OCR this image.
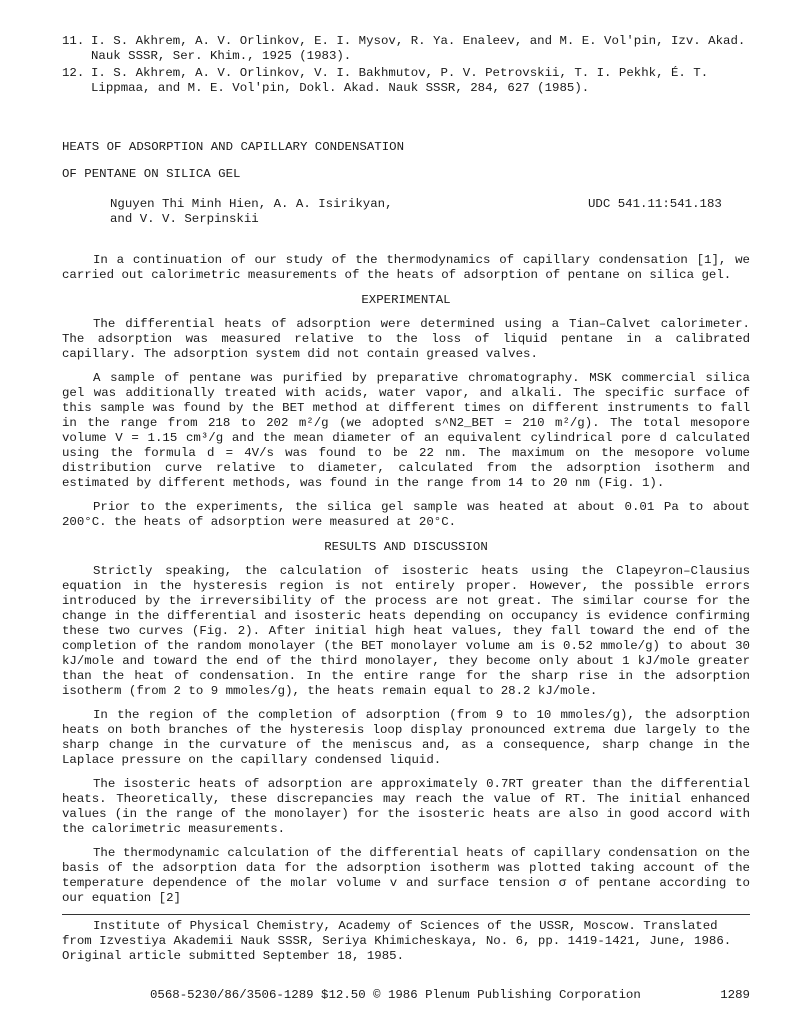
11. I. S. Akhrem, A. V. Orlinkov, E. I. Mysov, R. Ya. Enaleev, and M. E. Vol'pin, Izv. Akad. Nauk SSSR, Ser. Khim., 1925 (1983).
12. I. S. Akhrem, A. V. Orlinkov, V. I. Bakhmutov, P. V. Petrovskii, T. I. Pekhk, É. T. Lippmaa, and M. E. Vol'pin, Dokl. Akad. Nauk SSSR, 284, 627 (1985).
HEATS OF ADSORPTION AND CAPILLARY CONDENSATION
OF PENTANE ON SILICA GEL
Nguyen Thi Minh Hien, A. A. Isirikyan,
and V. V. Serpinskii
UDC 541.11:541.183

In a continuation of our study of the thermodynamics of capillary condensation [1], we carried out calorimetric measurements of the heats of adsorption of pentane on silica gel.

EXPERIMENTAL

The differential heats of adsorption were determined using a Tian–Calvet calorimeter. The adsorption was measured relative to the loss of liquid pentane in a calibrated capillary. The adsorption system did not contain greased valves.

A sample of pentane was purified by preparative chromatography. MSK commercial silica gel was additionally treated with acids, water vapor, and alkali. The specific surface of this sample was found by the BET method at different times on different instruments to fall in the range from 218 to 202 m²/g (we adopted s^N2_BET = 210 m²/g). The total mesopore volume V = 1.15 cm³/g and the mean diameter of an equivalent cylindrical pore d calculated using the formula d = 4V/s was found to be 22 nm. The maximum on the mesopore volume distribution curve relative to diameter, calculated from the adsorption isotherm and estimated by different methods, was found in the range from 14 to 20 nm (Fig. 1).

Prior to the experiments, the silica gel sample was heated at about 0.01 Pa to about 200°C. the heats of adsorption were measured at 20°C.

RESULTS AND DISCUSSION

Strictly speaking, the calculation of isosteric heats using the Clapeyron–Clausius equation in the hysteresis region is not entirely proper. However, the possible errors introduced by the irreversibility of the process are not great. The similar course for the change in the differential and isosteric heats depending on occupancy is evidence confirming these two curves (Fig. 2). After initial high heat values, they fall toward the end of the completion of the random monolayer (the BET monolayer volume am is 0.52 mmole/g) to about 30 kJ/mole and toward the end of the third monolayer, they become only about 1 kJ/mole greater than the heat of condensation. In the entire range for the sharp rise in the adsorption isotherm (from 2 to 9 mmoles/g), the heats remain equal to 28.2 kJ/mole.

In the region of the completion of adsorption (from 9 to 10 mmoles/g), the adsorption heats on both branches of the hysteresis loop display pronounced extrema due largely to the sharp change in the curvature of the meniscus and, as a consequence, sharp change in the Laplace pressure on the capillary condensed liquid.

The isosteric heats of adsorption are approximately 0.7RT greater than the differential heats. Theoretically, these discrepancies may reach the value of RT. The initial enhanced values (in the range of the monolayer) for the isosteric heats are also in good accord with the calorimetric measurements.

The thermodynamic calculation of the differential heats of capillary condensation on the basis of the adsorption data for the adsorption isotherm was plotted taking account of the temperature dependence of the molar volume v and surface tension σ of pentane according to our equation [2]

Institute of Physical Chemistry, Academy of Sciences of the USSR, Moscow. Translated from Izvestiya Akademii Nauk SSSR, Seriya Khimicheskaya, No. 6, pp. 1419-1421, June, 1986. Original article submitted September 18, 1985.

0568-5230/86/3506-1289 $12.50 © 1986 Plenum Publishing Corporation	1289
